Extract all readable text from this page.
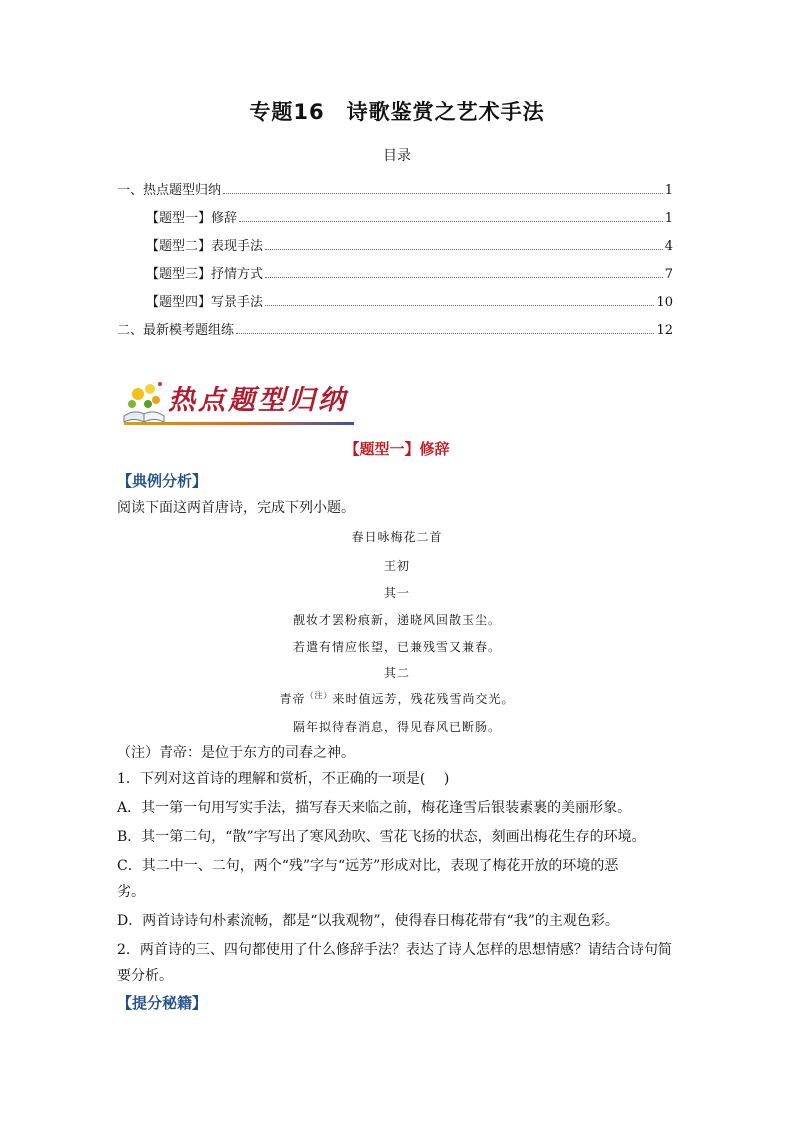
专题16　诗歌鉴赏之艺术手法
目录
一、热点题型归纳	1
【题型一】修辞	1
【题型二】表现手法	4
【题型三】抒情方式	7
【题型四】写景手法	10
二、最新模考题组练	12
热点题型归纳
【题型一】修辞
【典例分析】
阅读下面这两首唐诗，完成下列小题。
春日咏梅花二首
王初
其一
靓妆才罢粉痕新，递晓风回散玉尘。
若遣有情应怅望，已兼残雪又兼春。
其二
青帝$^{(注)}$来时值远芳，残花残雪尚交光。
隔年拟待春消息，得见春风已断肠。
（注）青帝：是位于东方的司春之神。
1．下列对这首诗的理解和赏析，不正确的一项是(　 )
A．其一第一句用写实手法，描写春天来临之前，梅花逢雪后银装素裹的美丽形象。
B．其一第二句，“散”字写出了寒风劲吹、雪花飞扬的状态，刻画出梅花生存的环境。
C．其二中一、二句，两个“残”字与“远芳”形成对比，表现了梅花开放的环境的恶
劣。
D．两首诗诗句朴素流畅，都是“以我观物”，使得春日梅花带有“我”的主观色彩。
2．两首诗的三、四句都使用了什么修辞手法？表达了诗人怎样的思想情感？请结合诗句简
要分析。
【提分秘籍】
